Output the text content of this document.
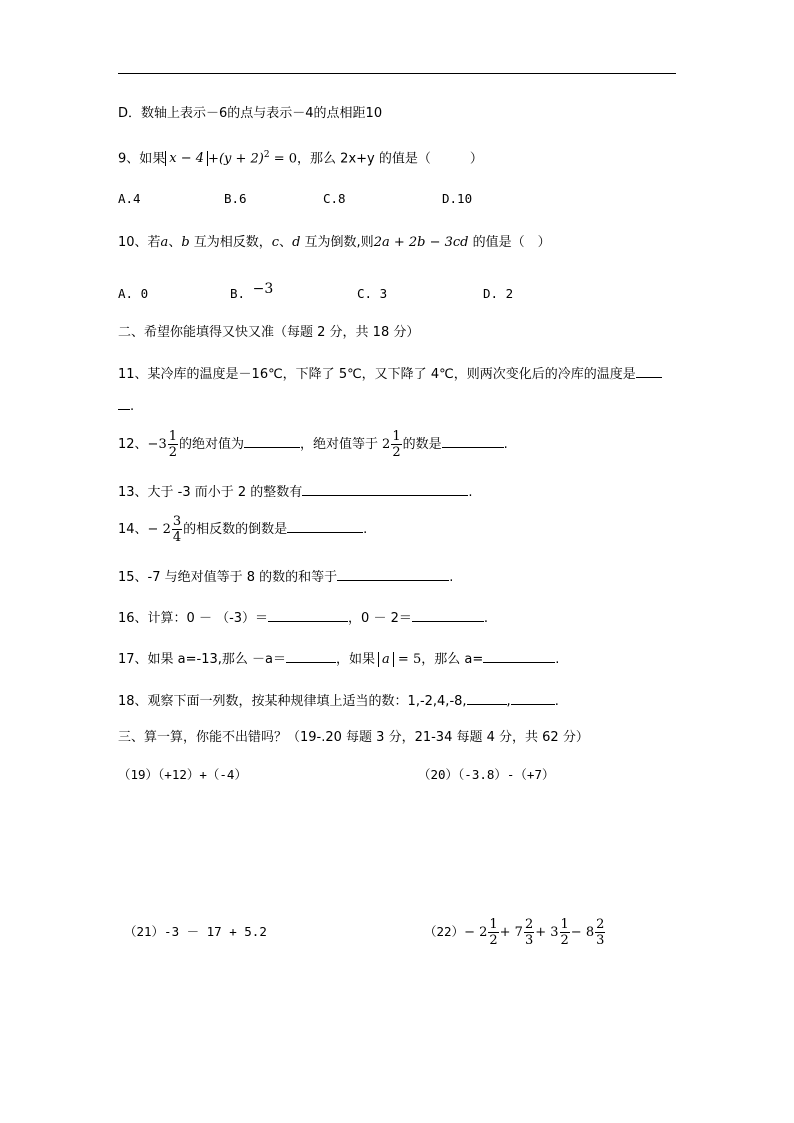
D．数轴上表示－6的点与表示－4的点相距10
9、如果 $x - 4 +(y + 2)^2 = 0$，那么 2x+y 的值是（　　　）
A.4	B.6	C.8	D.10
10、若a、b 互为相反数，c、d 互为倒数,则2a + 2b − 3cd 的值是（　）
A. 0	B. −3	C. 3	D. 2
二、希望你能填得又快又准（每题 2 分，共 18 分）
11、某冷库的温度是－16℃，下降了 5℃，又下降了 4℃，则两次变化后的冷库的温度是
.
12、$-3 \frac{1}{2}$ 的绝对值为	，绝对值等于 $2 \frac{1}{2}$ 的数是	.
13、大于 -3 而小于 2 的整数有	.
14、− $2 \frac{3}{4}$ 的相反数的倒数是	.
15、-7 与绝对值等于 8 的数的和等于	.
16、计算：0 － （-3）＝	，0 － 2＝	.
17、如果 a=-13,那么 －a＝	，如果 a = 5，那么 a=	.
18、观察下面一列数，按某种规律填上适当的数：1,-2,4,-8,	,	.
三、算一算，你能不出错吗？（19-.20 每题 3 分，21-34 每题 4 分，共 62 分）
（19）（+12）+（-4）	（20）（-3.8）-（+7）
（21）-3 － 17 + 5.2	$(22)- 2 \frac{1}{2} + 7 \frac{2}{3} + 3 \frac{1}{2} - 8 \frac{2}{3}$
